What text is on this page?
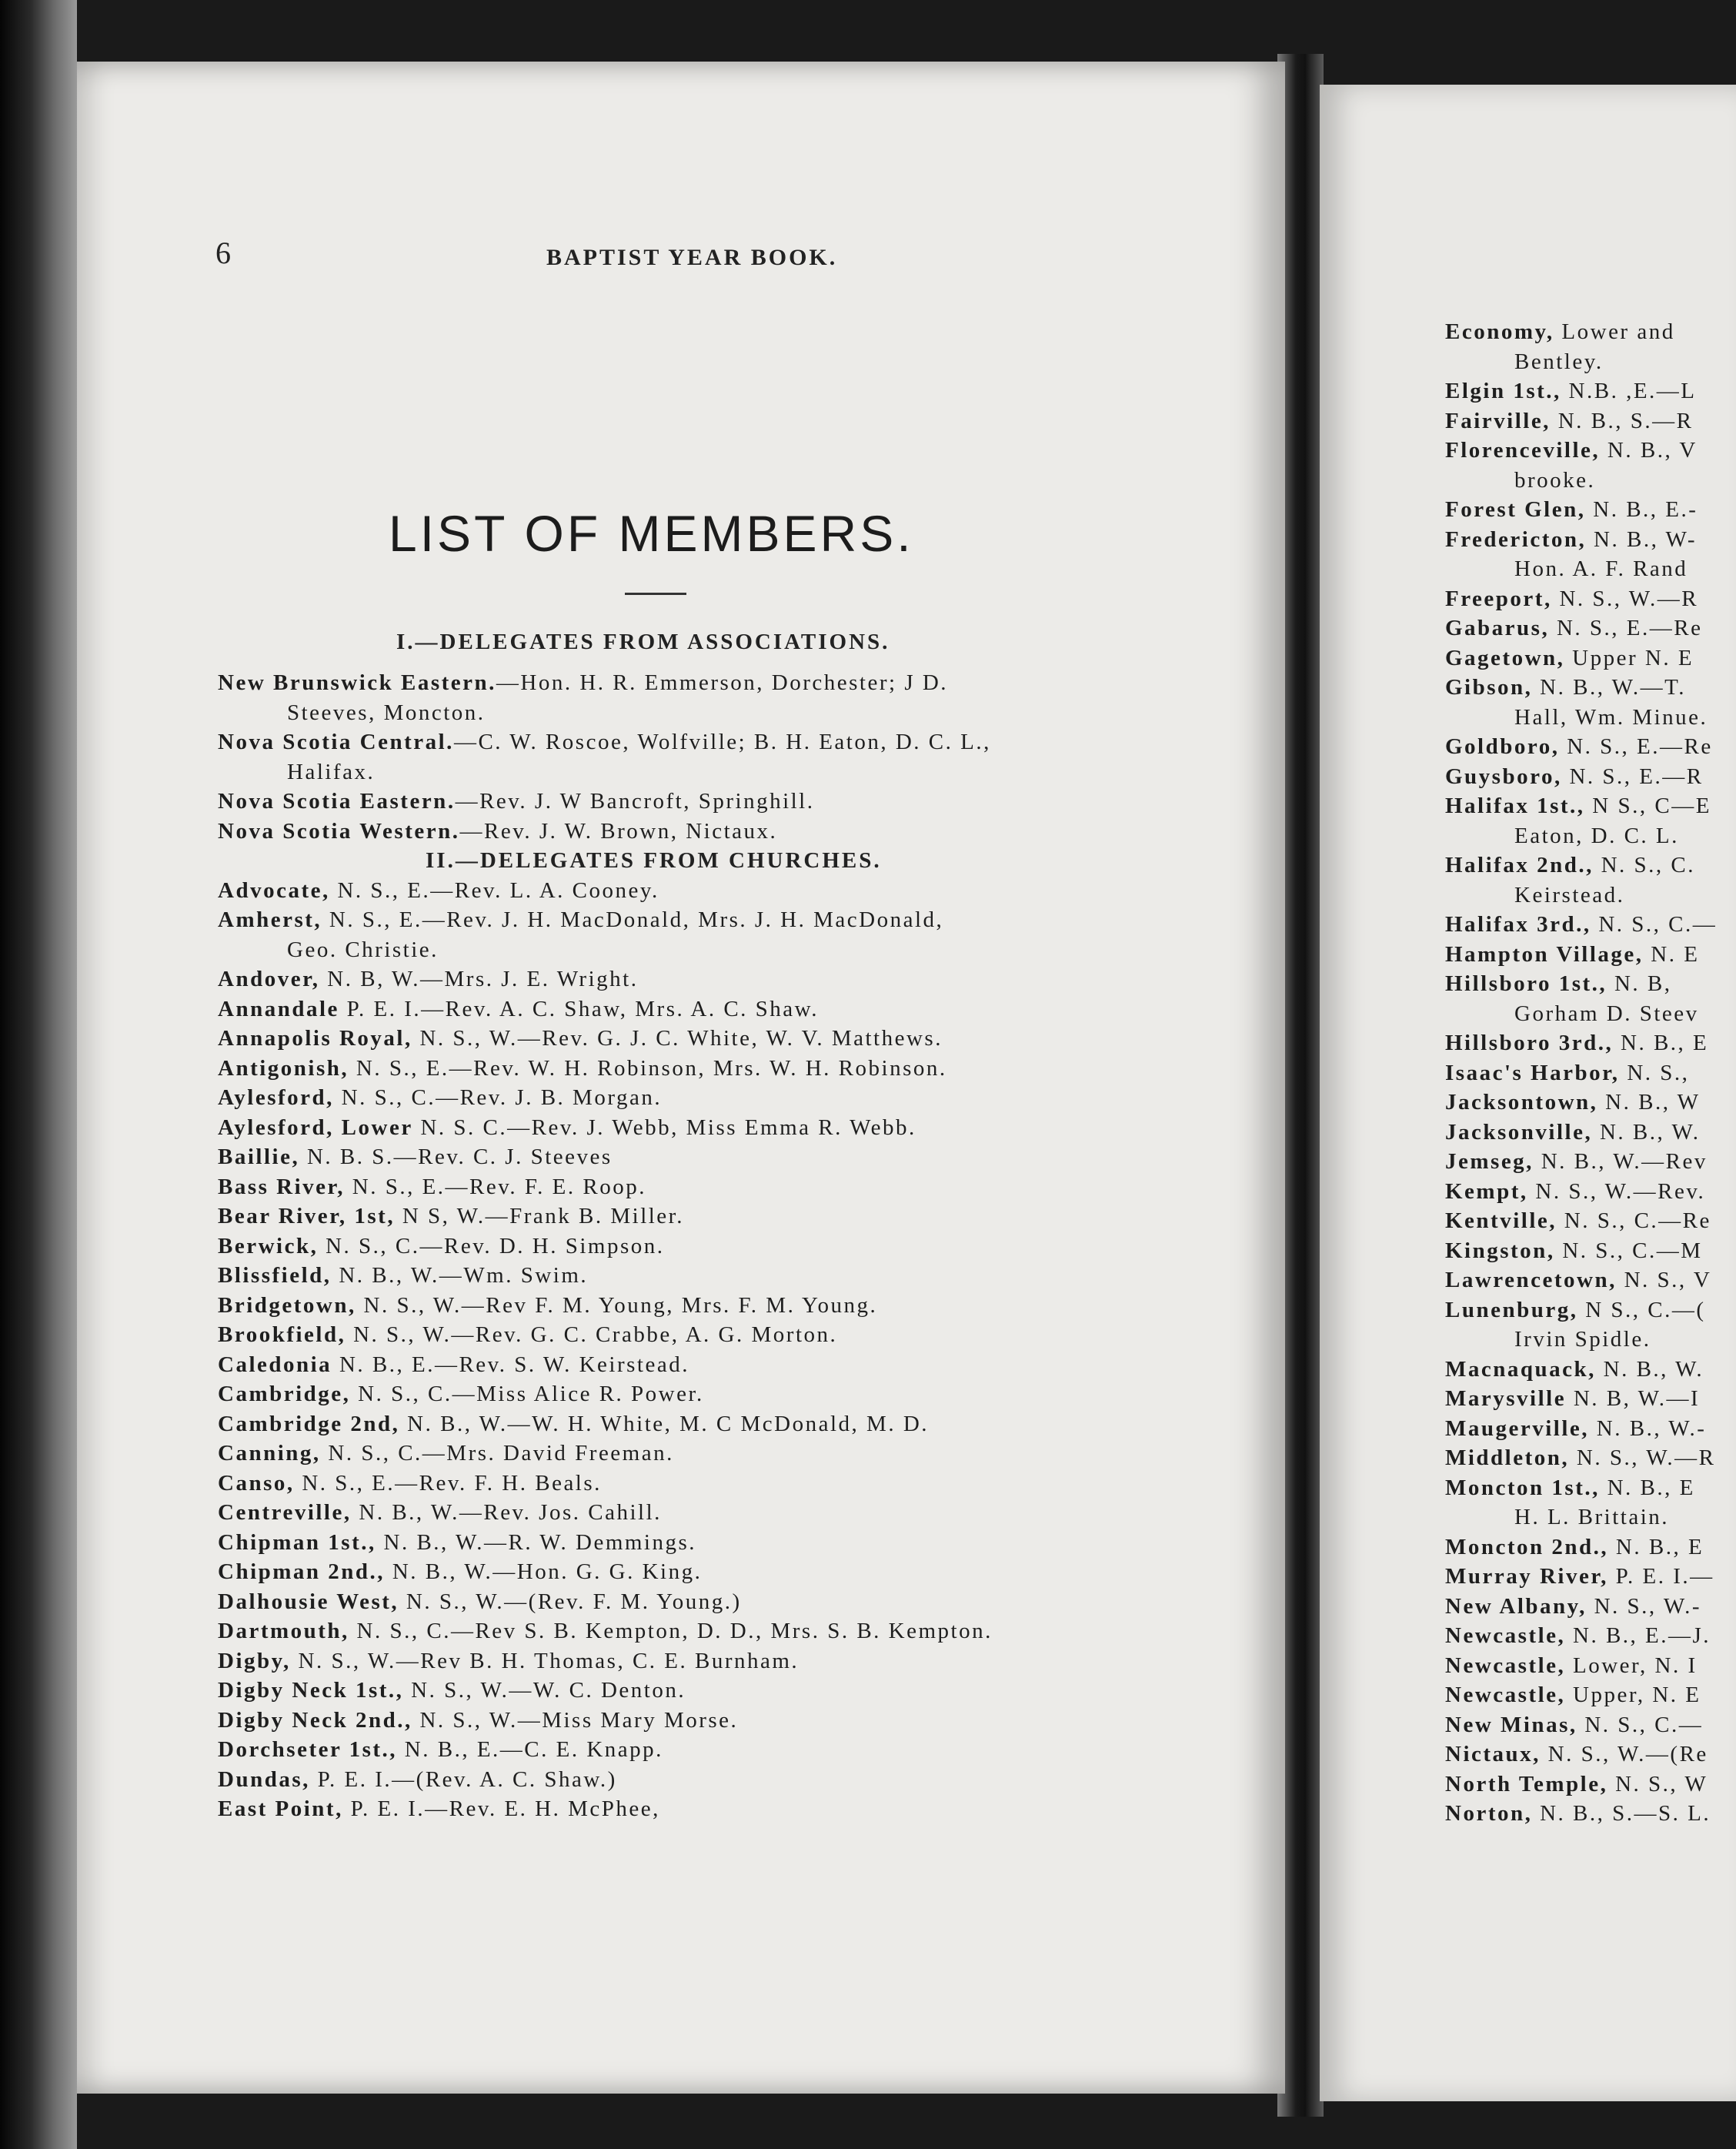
6	BAPTIST YEAR BOOK.
LIST OF MEMBERS.
I.—DELEGATES FROM ASSOCIATIONS.
New Brunswick Eastern.—Hon. H. R. Emmerson, Dorchester; J D.
Steeves, Moncton.
Nova Scotia Central.—C. W. Roscoe, Wolfville; B. H. Eaton, D. C. L.,
Halifax.
Nova Scotia Eastern.—Rev. J. W Bancroft, Springhill.
Nova Scotia Western.—Rev. J. W. Brown, Nictaux.
II.—DELEGATES FROM CHURCHES.
Advocate, N. S., E.—Rev. L. A. Cooney.
Amherst, N. S., E.—Rev. J. H. MacDonald, Mrs. J. H. MacDonald,
Geo. Christie.
Andover, N. B, W.—Mrs. J. E. Wright.
Annandale P. E. I.—Rev. A. C. Shaw, Mrs. A. C. Shaw.
Annapolis Royal, N. S., W.—Rev. G. J. C. White, W. V. Matthews.
Antigonish, N. S., E.—Rev. W. H. Robinson, Mrs. W. H. Robinson.
Aylesford, N. S., C.—Rev. J. B. Morgan.
Aylesford, Lower N. S. C.—Rev. J. Webb, Miss Emma R. Webb.
Baillie, N. B. S.—Rev. C. J. Steeves
Bass River, N. S., E.—Rev. F. E. Roop.
Bear River, 1st, N S, W.—Frank B. Miller.
Berwick, N. S., C.—Rev. D. H. Simpson.
Blissfield, N. B., W.—Wm. Swim.
Bridgetown, N. S., W.—Rev F. M. Young, Mrs. F. M. Young.
Brookfield, N. S., W.—Rev. G. C. Crabbe, A. G. Morton.
Caledonia N. B., E.—Rev. S. W. Keirstead.
Cambridge, N. S., C.—Miss Alice R. Power.
Cambridge 2nd, N. B., W.—W. H. White, M. C McDonald, M. D.
Canning, N. S., C.—Mrs. David Freeman.
Canso, N. S., E.—Rev. F. H. Beals.
Centreville, N. B., W.—Rev. Jos. Cahill.
Chipman 1st., N. B., W.—R. W. Demmings.
Chipman 2nd., N. B., W.—Hon. G. G. King.
Dalhousie West, N. S., W.—(Rev. F. M. Young.)
Dartmouth, N. S., C.—Rev S. B. Kempton, D. D., Mrs. S. B. Kempton.
Digby, N. S., W.—Rev B. H. Thomas, C. E. Burnham.
Digby Neck 1st., N. S., W.—W. C. Denton.
Digby Neck 2nd., N. S., W.—Miss Mary Morse.
Dorchseter 1st., N. B., E.—C. E. Knapp.
Dundas, P. E. I.—(Rev. A. C. Shaw.)
East Point, P. E. I.—Rev. E. H. McPhee,
Economy, Lower and
Bentley.
Elgin 1st., N.B. ,E.—L
Fairville, N. B., S.—R
Florenceville, N. B., V
brooke.
Forest Glen, N. B., E.-
Fredericton, N. B., W-
Hon. A. F. Rand
Freeport, N. S., W.—R
Gabarus, N. S., E.—Re
Gagetown, Upper N. E
Gibson, N. B., W.—T.
Hall, Wm. Minue.
Goldboro, N. S., E.—Re
Guysboro, N. S., E.—R
Halifax 1st., N S., C—E
Eaton, D. C. L.
Halifax 2nd., N. S., C.
Keirstead.
Halifax 3rd., N. S., C.—
Hampton Village, N. E
Hillsboro 1st., N. B,
Gorham D. Steev
Hillsboro 3rd., N. B., E
Isaac's Harbor, N. S.,
Jacksontown, N. B., W
Jacksonville, N. B., W.
Jemseg, N. B., W.—Rev
Kempt, N. S., W.—Rev.
Kentville, N. S., C.—Re
Kingston, N. S., C.—M
Lawrencetown, N. S., V
Lunenburg, N S., C.—(
Irvin Spidle.
Macnaquack, N. B., W.
Marysville N. B, W.—I
Maugerville, N. B., W.-
Middleton, N. S., W.—R
Moncton 1st., N. B., E
H. L. Brittain.
Moncton 2nd., N. B., E
Murray River, P. E. I.—
New Albany, N. S., W.-
Newcastle, N. B., E.—J.
Newcastle, Lower, N. I
Newcastle, Upper, N. E
New Minas, N. S., C.—
Nictaux, N. S., W.—(Re
North Temple, N. S., W
Norton, N. B., S.—S. L.
